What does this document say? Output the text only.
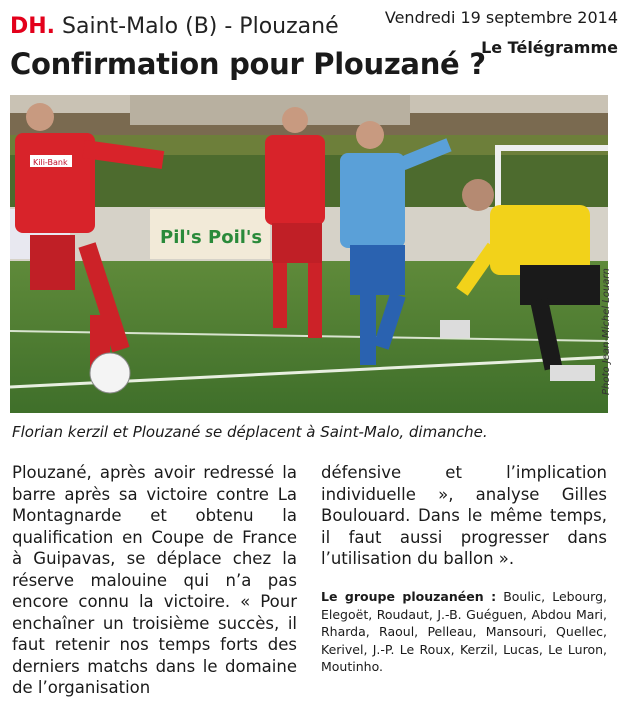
DH. Saint-Malo (B) - Plouzané	Vendredi 19 septembre 2014
Le Télégramme
Confirmation pour Plouzané ?
Pil's Poil's
Kili-Bank
Photo Jean-Michel Louarn
Florian kerzil et Plouzané se déplacent à Saint-Malo, dimanche.
Plouzané, après avoir redressé la barre après sa victoire contre La Montagnarde et obtenu la qualification en Coupe de France à Guipavas, se déplace chez la réserve malouine qui n’a pas encore connu la victoire. « Pour enchaîner un troisième succès, il faut retenir nos temps forts des derniers matchs dans le domaine de l’organisation
défensive et l’implication individuelle », analyse Gilles Boulouard. Dans le même temps, il faut aussi progresser dans l’utilisation du ballon ».
Le groupe plouzanéen : Boulic, Lebourg, Elegoët, Roudaut, J.-B. Guéguen, Abdou Mari, Rharda, Raoul, Pelleau, Mansouri, Quellec, Kerivel, J.-P. Le Roux, Kerzil, Lucas, Le Luron, Moutinho.
